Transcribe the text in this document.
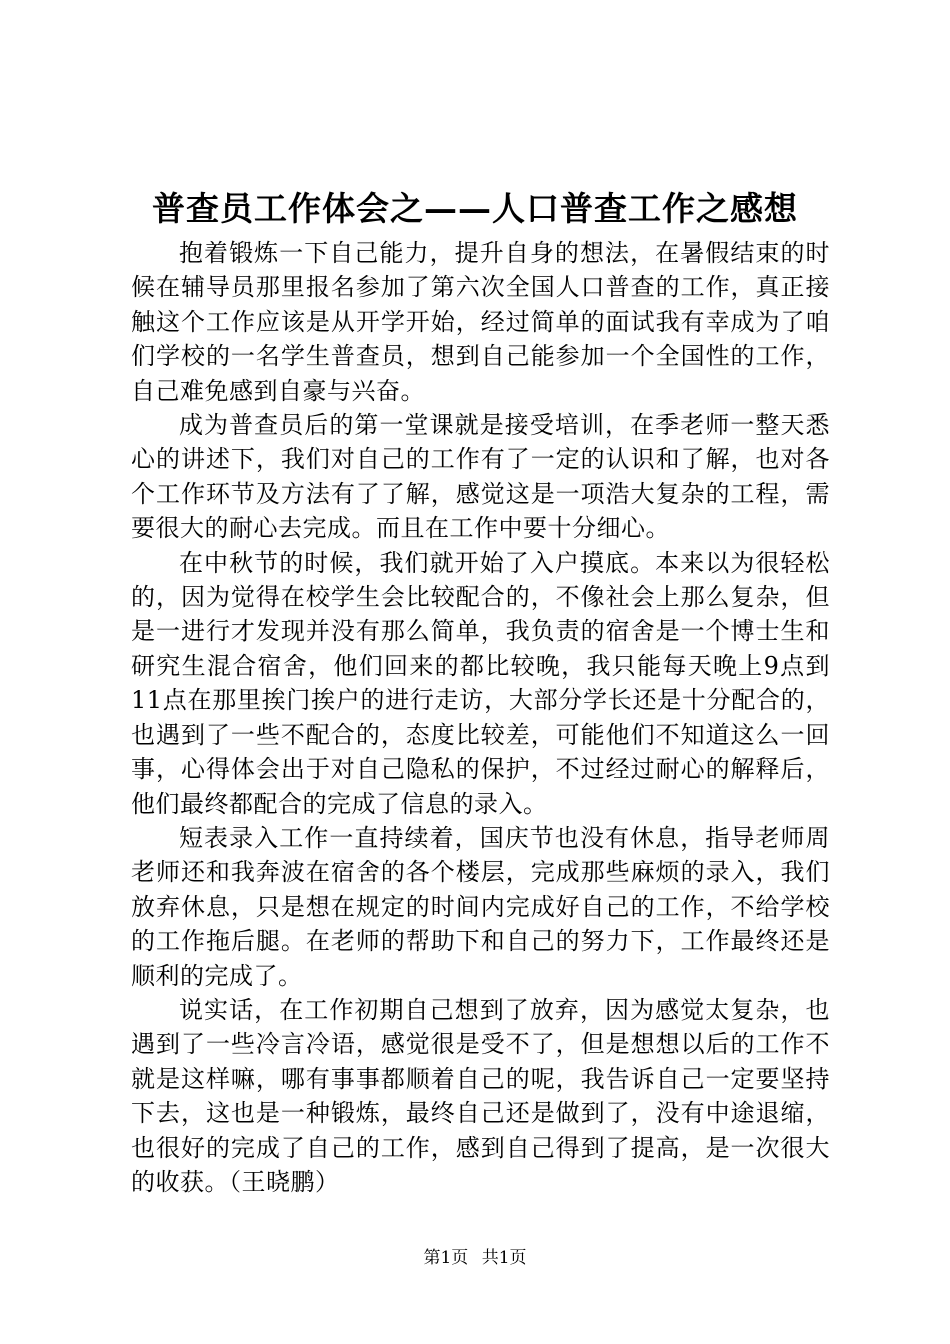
普查员工作体会之——人口普查工作之感想

抱着锻炼一下自己能力，提升自身的想法，在暑假结束的时候在辅导员那里报名参加了第六次全国人口普查的工作，真正接触这个工作应该是从开学开始，经过简单的面试我有幸成为了咱们学校的一名学生普查员，想到自己能参加一个全国性的工作，自己难免感到自豪与兴奋。

成为普查员后的第一堂课就是接受培训，在季老师一整天悉心的讲述下，我们对自己的工作有了一定的认识和了解，也对各个工作环节及方法有了了解，感觉这是一项浩大复杂的工程，需要很大的耐心去完成。而且在工作中要十分细心。

在中秋节的时候，我们就开始了入户摸底。本来以为很轻松的，因为觉得在校学生会比较配合的，不像社会上那么复杂，但是一进行才发现并没有那么简单，我负责的宿舍是一个博士生和研究生混合宿舍，他们回来的都比较晚，我只能每天晚上9点到11点在那里挨门挨户的进行走访，大部分学长还是十分配合的，也遇到了一些不配合的，态度比较差，可能他们不知道这么一回事，心得体会出于对自己隐私的保护，不过经过耐心的解释后，他们最终都配合的完成了信息的录入。

短表录入工作一直持续着，国庆节也没有休息，指导老师周老师还和我奔波在宿舍的各个楼层，完成那些麻烦的录入，我们放弃休息，只是想在规定的时间内完成好自己的工作，不给学校的工作拖后腿。在老师的帮助下和自己的努力下，工作最终还是顺利的完成了。

说实话，在工作初期自己想到了放弃，因为感觉太复杂，也遇到了一些冷言冷语，感觉很是受不了，但是想想以后的工作不就是这样嘛，哪有事事都顺着自己的呢，我告诉自己一定要坚持下去，这也是一种锻炼，最终自己还是做到了，没有中途退缩，也很好的完成了自己的工作，感到自己得到了提高，是一次很大的收获。（王晓鹏）

第1页 共1页
